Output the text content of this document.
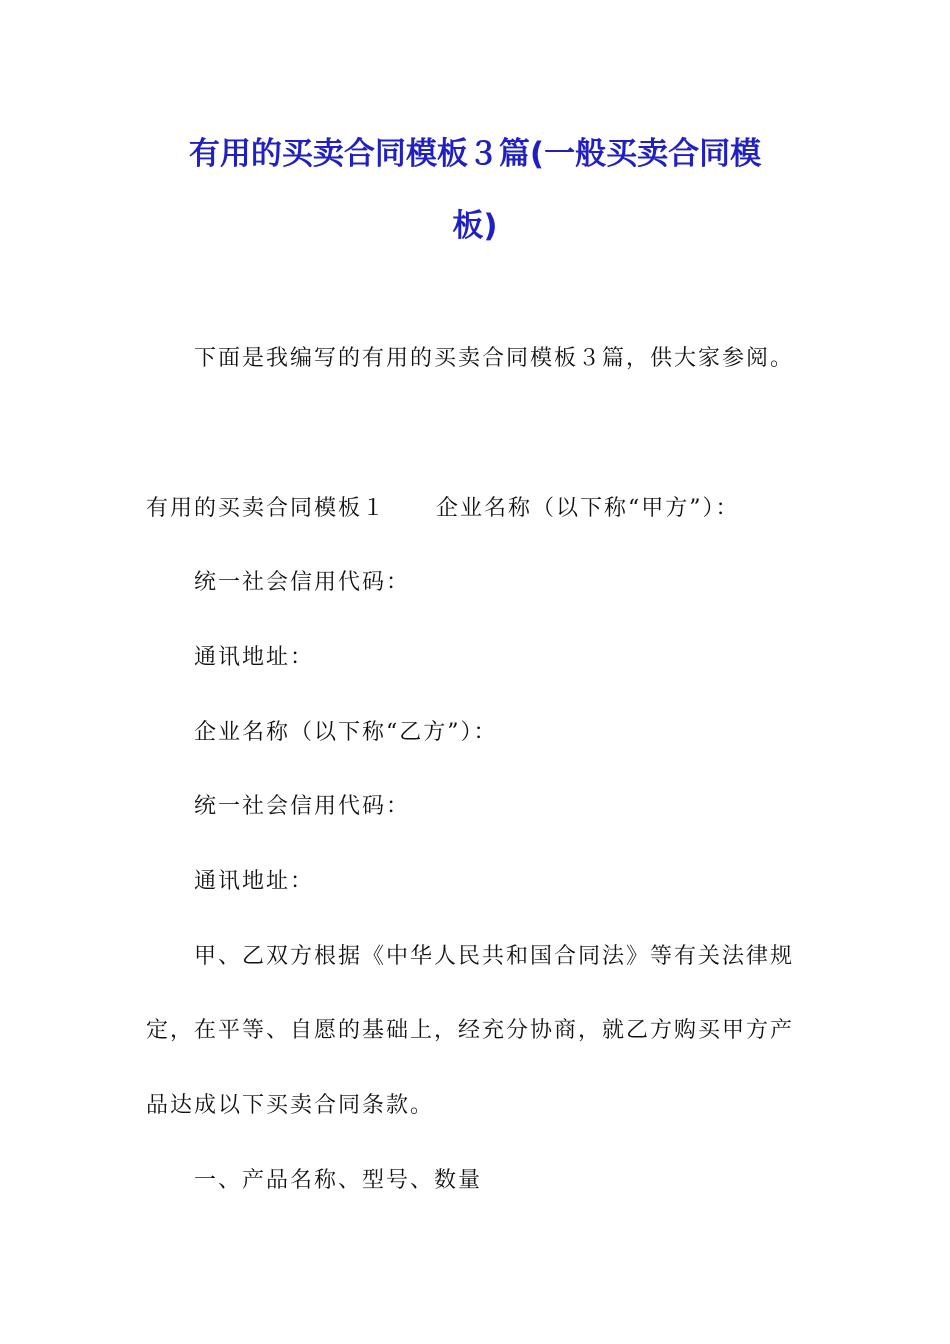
有用的买卖合同模板３篇(一般买卖合同模
板)
下面是我编写的有用的买卖合同模板３篇，供大家参阅。
有用的买卖合同模板１ 企业名称（以下称“甲方”）：
统一社会信用代码：
通讯地址：
企业名称（以下称“乙方”）：
统一社会信用代码：
通讯地址：
甲、乙双方根据《中华人民共和国合同法》等有关法律规
定，在平等、自愿的基础上，经充分协商，就乙方购买甲方产
品达成以下买卖合同条款。
一、产品名称、型号、数量
